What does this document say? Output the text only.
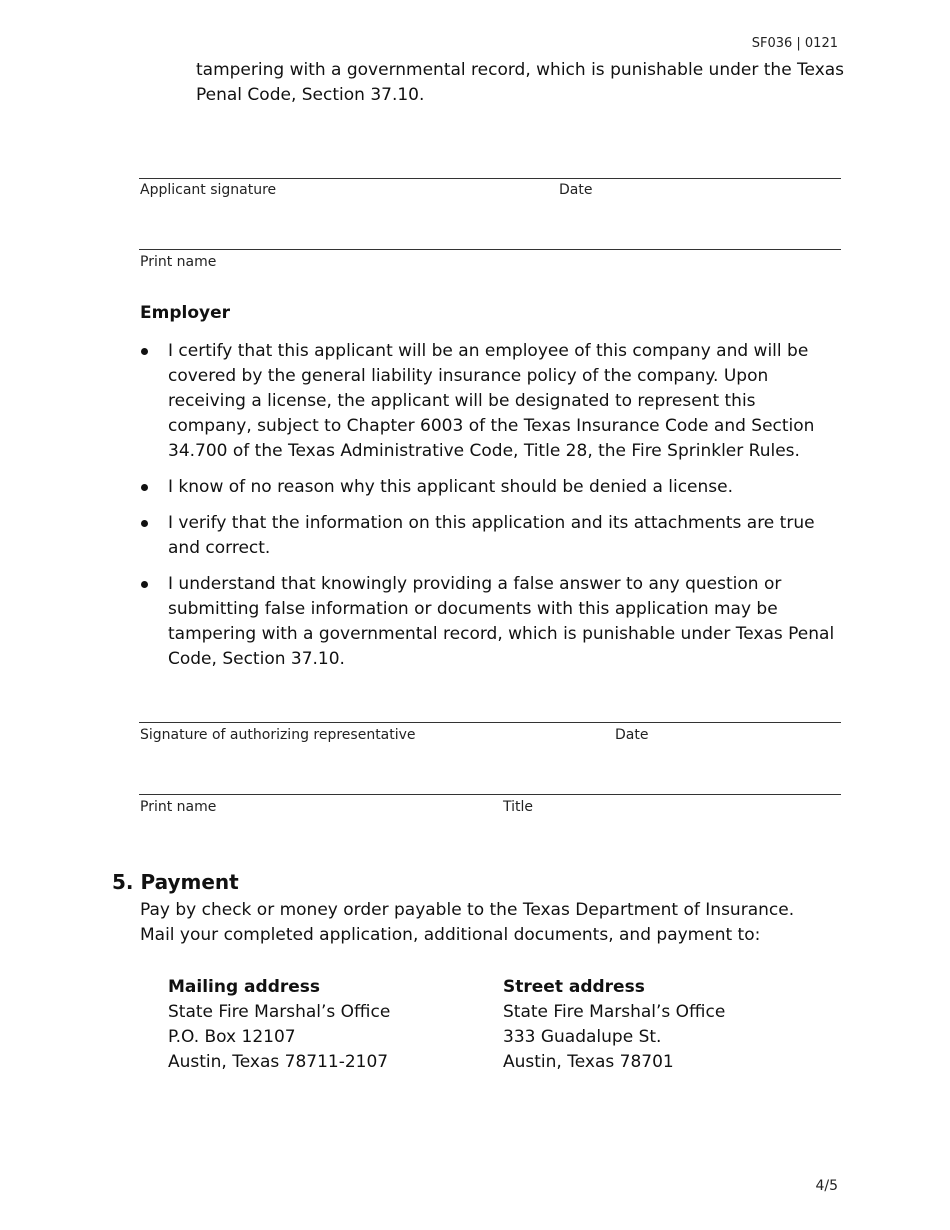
SF036 | 0121
tampering with a governmental record, which is punishable under the Texas Penal Code, Section 37.10.
Applicant signature	Date
Print name
Employer
I certify that this applicant will be an employee of this company and will be covered by the general liability insurance policy of the company. Upon receiving a license, the applicant will be designated to represent this company, subject to Chapter 6003 of the Texas Insurance Code and Section 34.700 of the Texas Administrative Code, Title 28, the Fire Sprinkler Rules.
I know of no reason why this applicant should be denied a license.
I verify that the information on this application and its attachments are true and correct.
I understand that knowingly providing a false answer to any question or submitting false information or documents with this application may be tampering with a governmental record, which is punishable under Texas Penal Code, Section 37.10.
Signature of authorizing representative	Date
Print name	Title
5. Payment
Pay by check or money order payable to the Texas Department of Insurance. Mail your completed application, additional documents, and payment to:
Mailing address
State Fire Marshal’s Office
P.O. Box 12107
Austin, Texas 78711-2107
Street address
State Fire Marshal’s Office
333 Guadalupe St.
Austin, Texas 78701
4/5
